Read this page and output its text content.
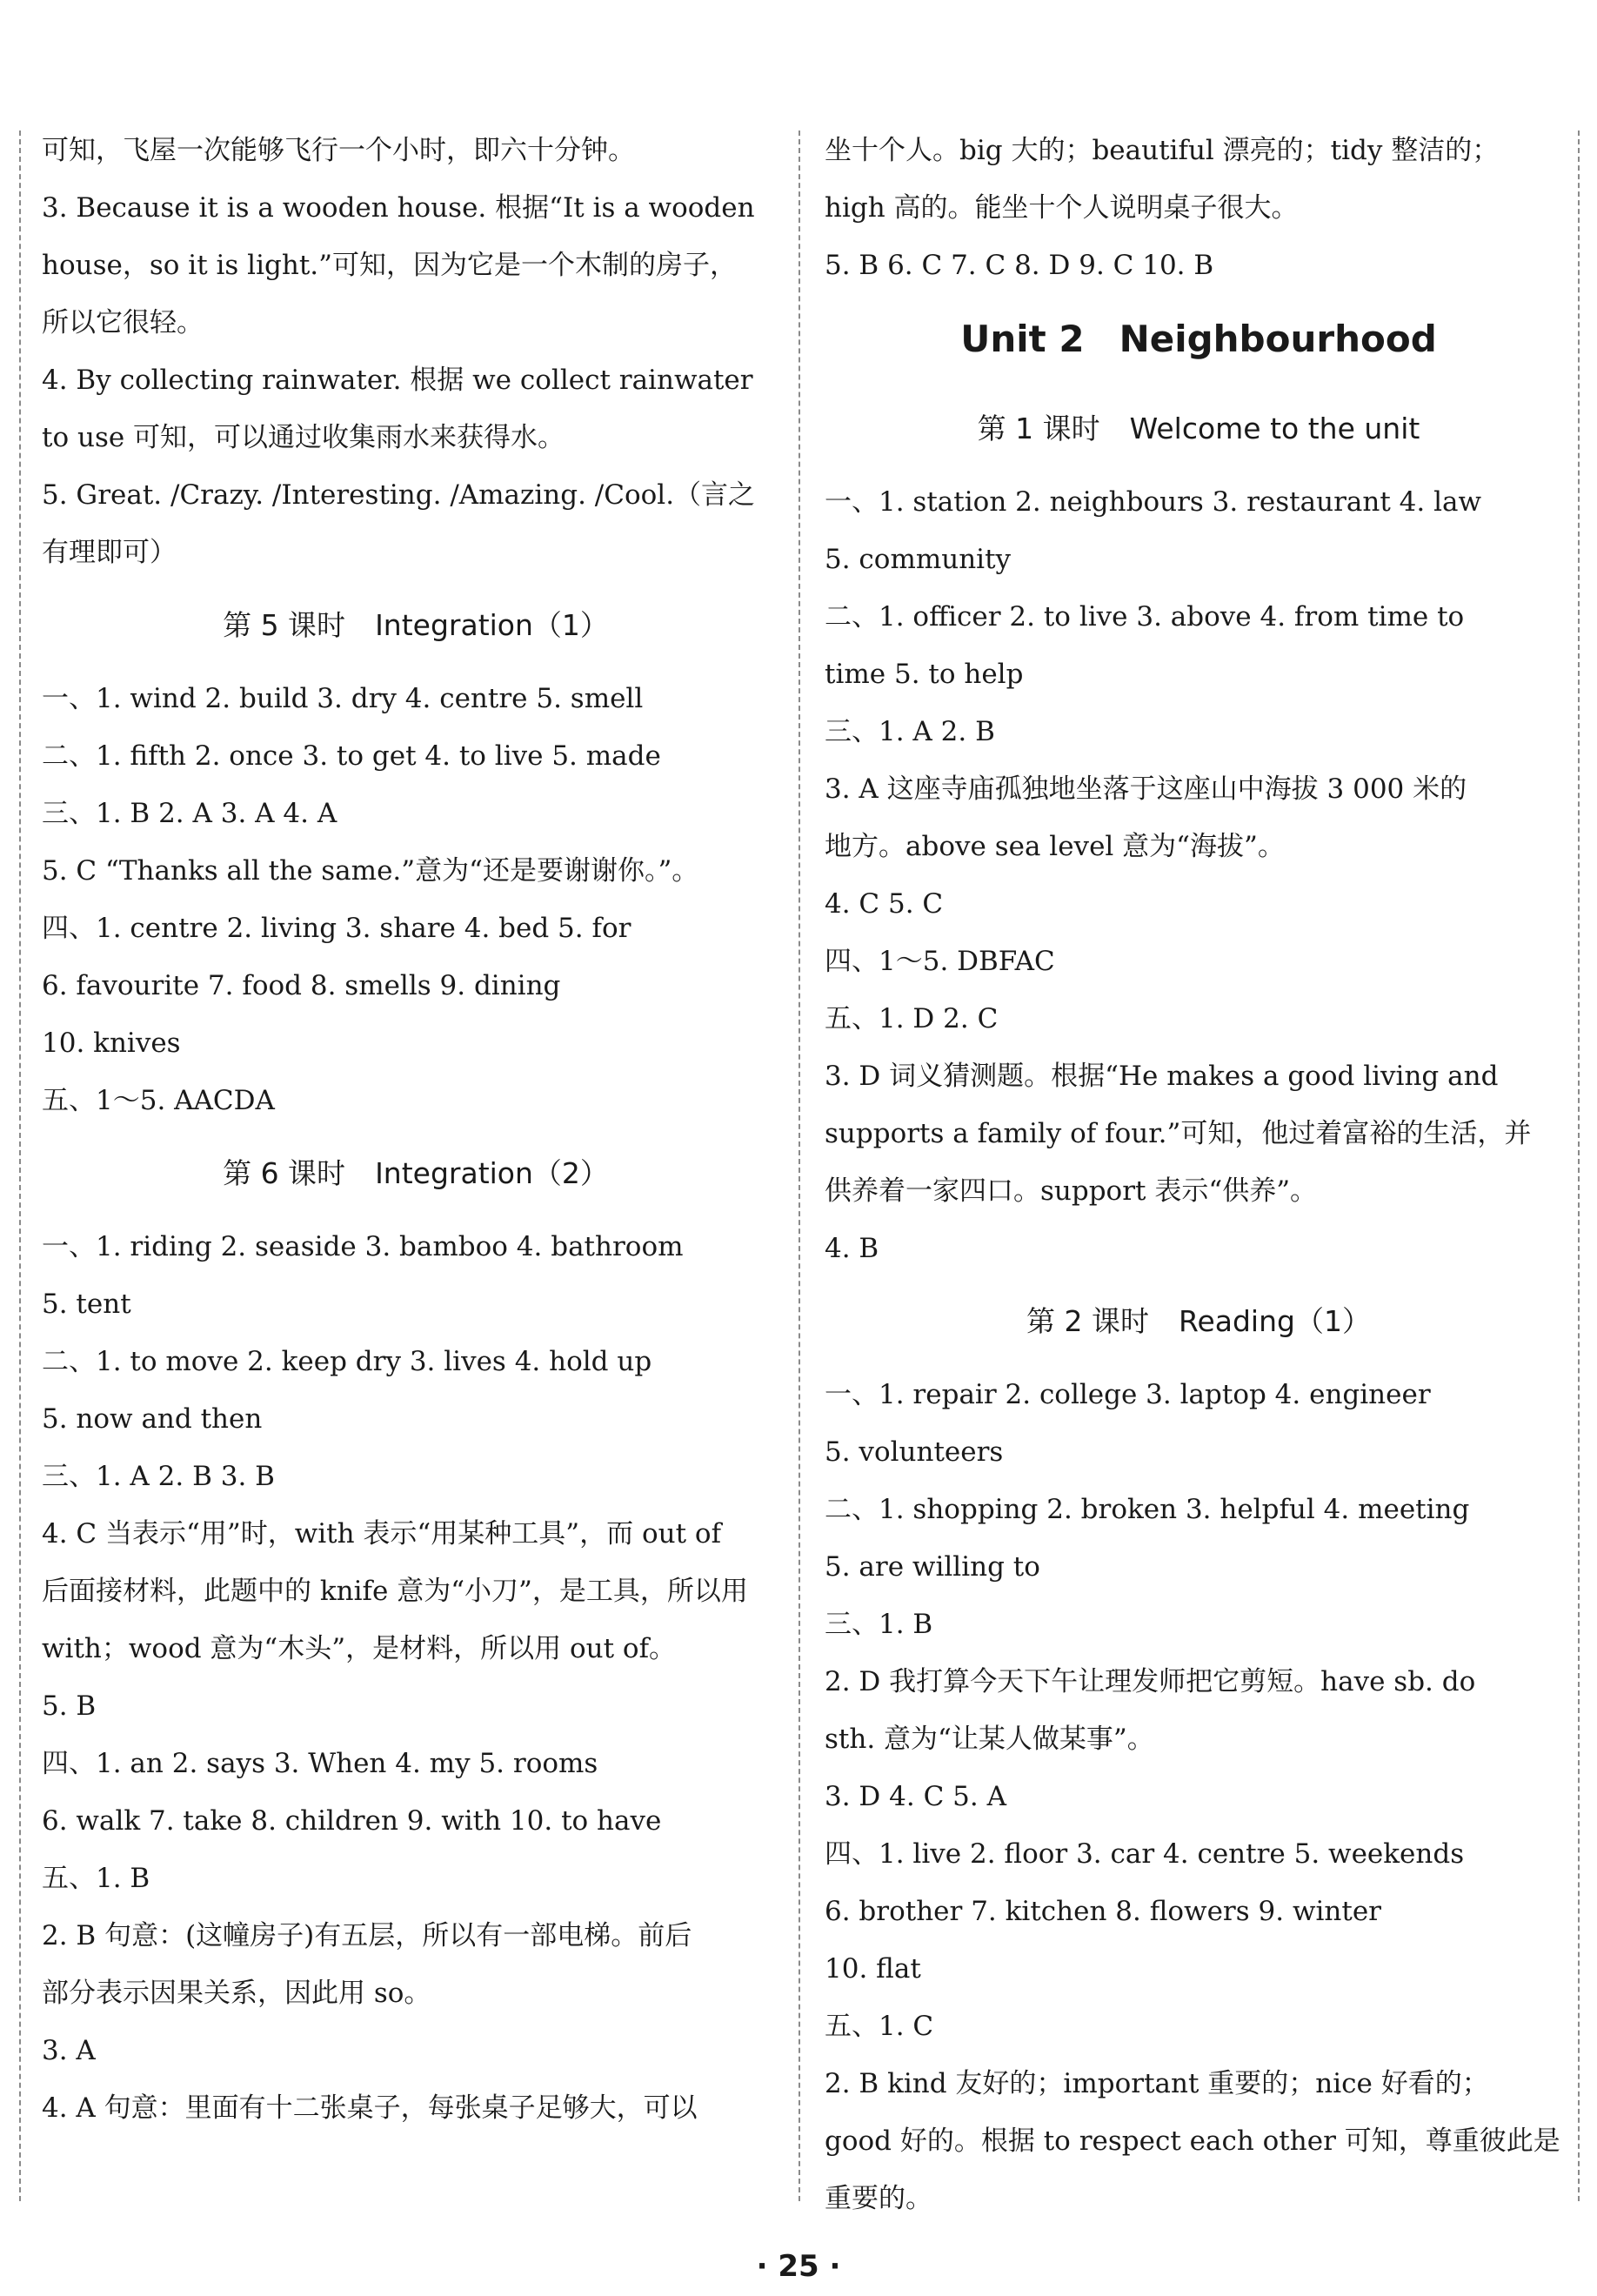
可知，飞屋一次能够飞行一个小时，即六十分钟。
3. Because it is a wooden house. 根据“It is a wooden
house，so it is light.”可知，因为它是一个木制的房子，
所以它很轻。
4. By collecting rainwater. 根据 we collect rainwater
to use 可知，可以通过收集雨水来获得水。
5. Great. /Crazy. /Interesting. /Amazing. /Cool.（言之
有理即可）
第 5 课时 Integration（1）
一、1. wind 2. build 3. dry 4. centre 5. smell
二、1. fifth 2. once 3. to get 4. to live 5. made
三、1. B 2. A 3. A 4. A
5. C “Thanks all the same.”意为“还是要谢谢你。”。
四、1. centre 2. living 3. share 4. bed 5. for
6. favourite 7. food 8. smells 9. dining
10. knives
五、1～5. AACDA
第 6 课时 Integration（2）
一、1. riding 2. seaside 3. bamboo 4. bathroom
5. tent
二、1. to move 2. keep dry 3. lives 4. hold up
5. now and then
三、1. A 2. B 3. B
4. C 当表示“用”时，with 表示“用某种工具”，而 out of
后面接材料，此题中的 knife 意为“小刀”，是工具，所以用
with；wood 意为“木头”，是材料，所以用 out of。
5. B
四、1. an 2. says 3. When 4. my 5. rooms
6. walk 7. take 8. children 9. with 10. to have
五、1. B
2. B 句意：(这幢房子)有五层，所以有一部电梯。前后
部分表示因果关系，因此用 so。
3. A
4. A 句意：里面有十二张桌子，每张桌子足够大，可以
坐十个人。big 大的；beautiful 漂亮的；tidy 整洁的；
high 高的。能坐十个人说明桌子很大。
5. B 6. C 7. C 8. D 9. C 10. B
Unit 2 Neighbourhood
第 1 课时 Welcome to the unit
一、1. station 2. neighbours 3. restaurant 4. law
5. community
二、1. officer 2. to live 3. above 4. from time to
time 5. to help
三、1. A 2. B
3. A 这座寺庙孤独地坐落于这座山中海拔 3 000 米的
地方。above sea level 意为“海拔”。
4. C 5. C
四、1～5. DBFAC
五、1. D 2. C
3. D 词义猜测题。根据“He makes a good living and
supports a family of four.”可知，他过着富裕的生活，并
供养着一家四口。support 表示“供养”。
4. B
第 2 课时 Reading（1）
一、1. repair 2. college 3. laptop 4. engineer
5. volunteers
二、1. shopping 2. broken 3. helpful 4. meeting
5. are willing to
三、1. B
2. D 我打算今天下午让理发师把它剪短。have sb. do
sth. 意为“让某人做某事”。
3. D 4. C 5. A
四、1. live 2. floor 3. car 4. centre 5. weekends
6. brother 7. kitchen 8. flowers 9. winter
10. flat
五、1. C
2. B kind 友好的；important 重要的；nice 好看的；
good 好的。根据 to respect each other 可知，尊重彼此是
重要的。
· 25 ·
